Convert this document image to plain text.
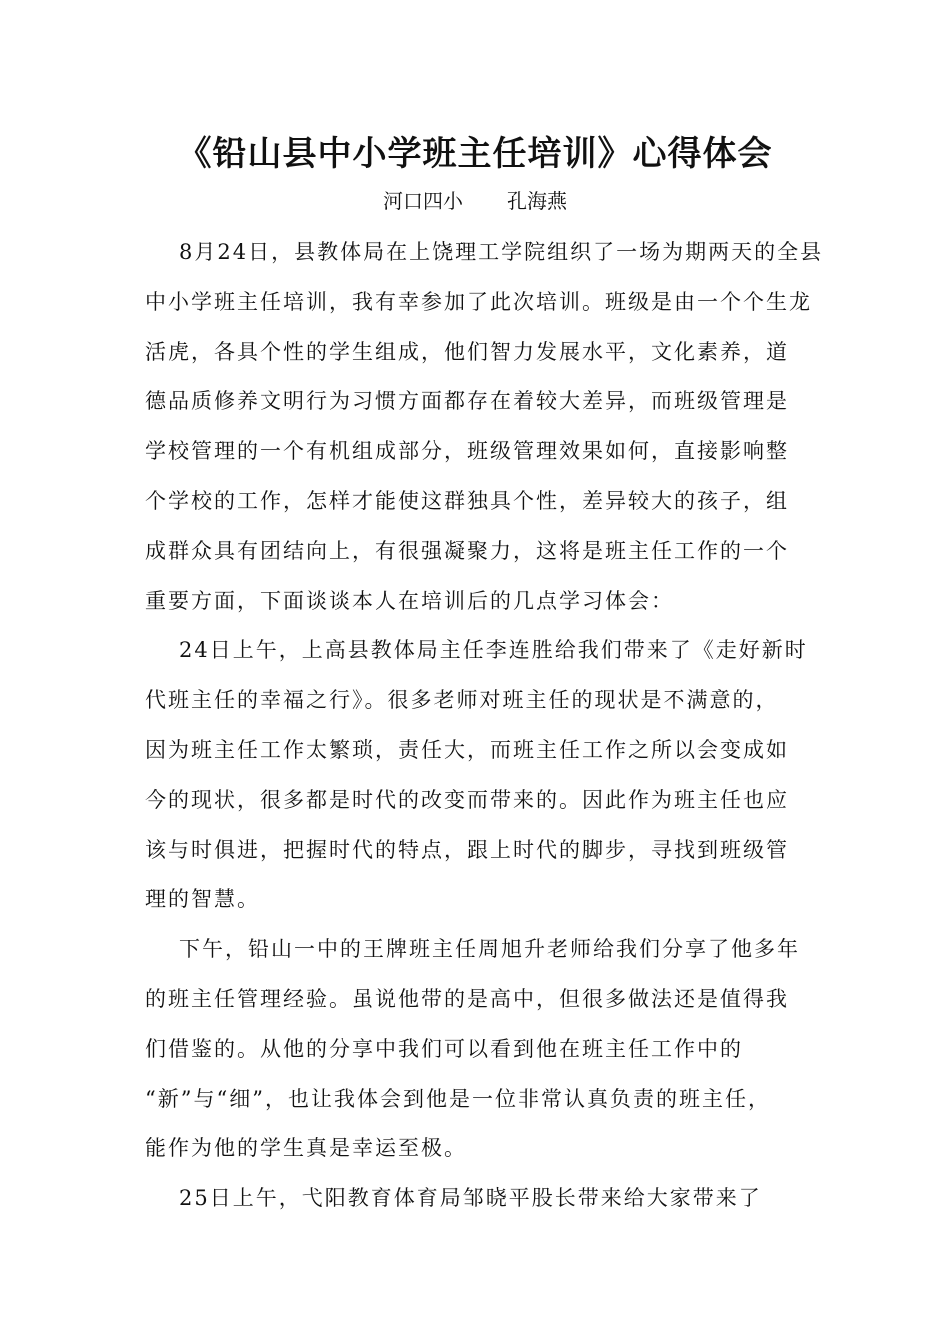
《铅山县中小学班主任培训》心得体会
河口四小 孔海燕
8月24日，县教体局在上饶理工学院组织了一场为期两天的全县
中小学班主任培训，我有幸参加了此次培训。班级是由一个个生龙
活虎，各具个性的学生组成，他们智力发展水平，文化素养，道
德品质修养文明行为习惯方面都存在着较大差异，而班级管理是
学校管理的一个有机组成部分，班级管理效果如何，直接影响整
个学校的工作，怎样才能使这群独具个性，差异较大的孩子，组
成群众具有团结向上，有很强凝聚力，这将是班主任工作的一个
重要方面，下面谈谈本人在培训后的几点学习体会：
24日上午，上高县教体局主任李连胜给我们带来了《走好新时
代班主任的幸福之行》。很多老师对班主任的现状是不满意的，
因为班主任工作太繁琐，责任大，而班主任工作之所以会变成如
今的现状，很多都是时代的改变而带来的。因此作为班主任也应
该与时俱进，把握时代的特点，跟上时代的脚步，寻找到班级管
理的智慧。
下午，铅山一中的王牌班主任周旭升老师给我们分享了他多年
的班主任管理经验。虽说他带的是高中，但很多做法还是值得我
们借鉴的。从他的分享中我们可以看到他在班主任工作中的
“新”与“细”，也让我体会到他是一位非常认真负责的班主任，
能作为他的学生真是幸运至极。
25日上午，弋阳教育体育局邹晓平股长带来给大家带来了
